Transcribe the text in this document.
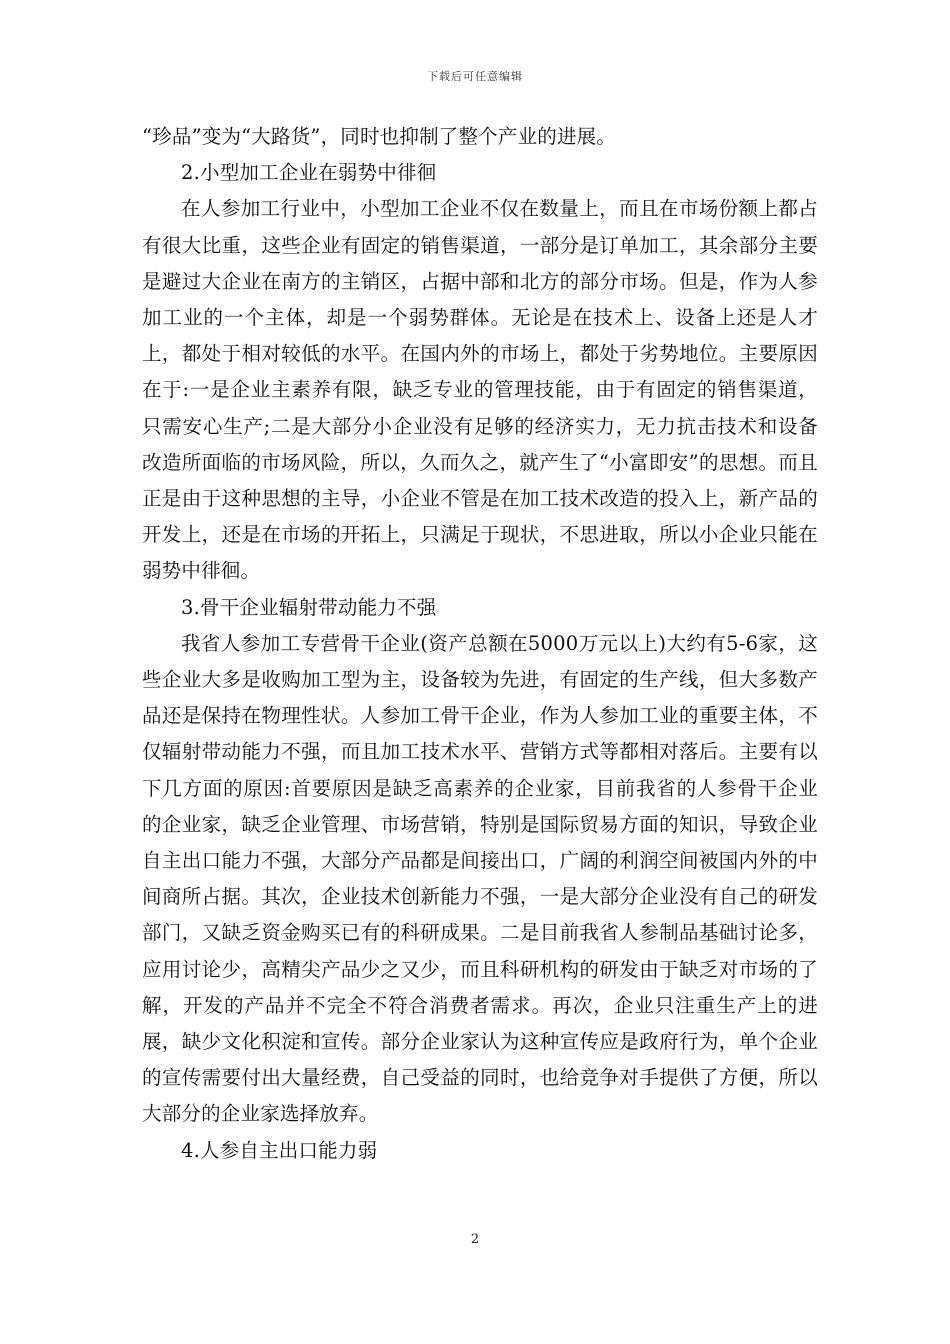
下载后可任意编辑

“珍品”变为“大路货”，同时也抑制了整个产业的进展。

2.小型加工企业在弱势中徘徊

在人参加工行业中，小型加工企业不仅在数量上，而且在市场份额上都占有很大比重，这些企业有固定的销售渠道，一部分是订单加工，其余部分主要是避过大企业在南方的主销区，占据中部和北方的部分市场。但是，作为人参加工业的一个主体，却是一个弱势群体。无论是在技术上、设备上还是人才上，都处于相对较低的水平。在国内外的市场上，都处于劣势地位。主要原因在于:一是企业主素养有限，缺乏专业的管理技能，由于有固定的销售渠道，只需安心生产;二是大部分小企业没有足够的经济实力，无力抗击技术和设备改造所面临的市场风险，所以，久而久之，就产生了“小富即安”的思想。而且正是由于这种思想的主导，小企业不管是在加工技术改造的投入上，新产品的开发上，还是在市场的开拓上，只满足于现状，不思进取，所以小企业只能在弱势中徘徊。

3.骨干企业辐射带动能力不强

我省人参加工专营骨干企业(资产总额在5000万元以上)大约有5-6家，这些企业大多是收购加工型为主，设备较为先进，有固定的生产线，但大多数产品还是保持在物理性状。人参加工骨干企业，作为人参加工业的重要主体，不仅辐射带动能力不强，而且加工技术水平、营销方式等都相对落后。主要有以下几方面的原因:首要原因是缺乏高素养的企业家，目前我省的人参骨干企业的企业家，缺乏企业管理、市场营销，特别是国际贸易方面的知识，导致企业自主出口能力不强，大部分产品都是间接出口，广阔的利润空间被国内外的中间商所占据。其次，企业技术创新能力不强，一是大部分企业没有自己的研发部门，又缺乏资金购买已有的科研成果。二是目前我省人参制品基础讨论多，应用讨论少，高精尖产品少之又少，而且科研机构的研发由于缺乏对市场的了解，开发的产品并不完全不符合消费者需求。再次，企业只注重生产上的进展，缺少文化积淀和宣传。部分企业家认为这种宣传应是政府行为，单个企业的宣传需要付出大量经费，自己受益的同时，也给竞争对手提供了方便，所以大部分的企业家选择放弃。

4.人参自主出口能力弱

2
